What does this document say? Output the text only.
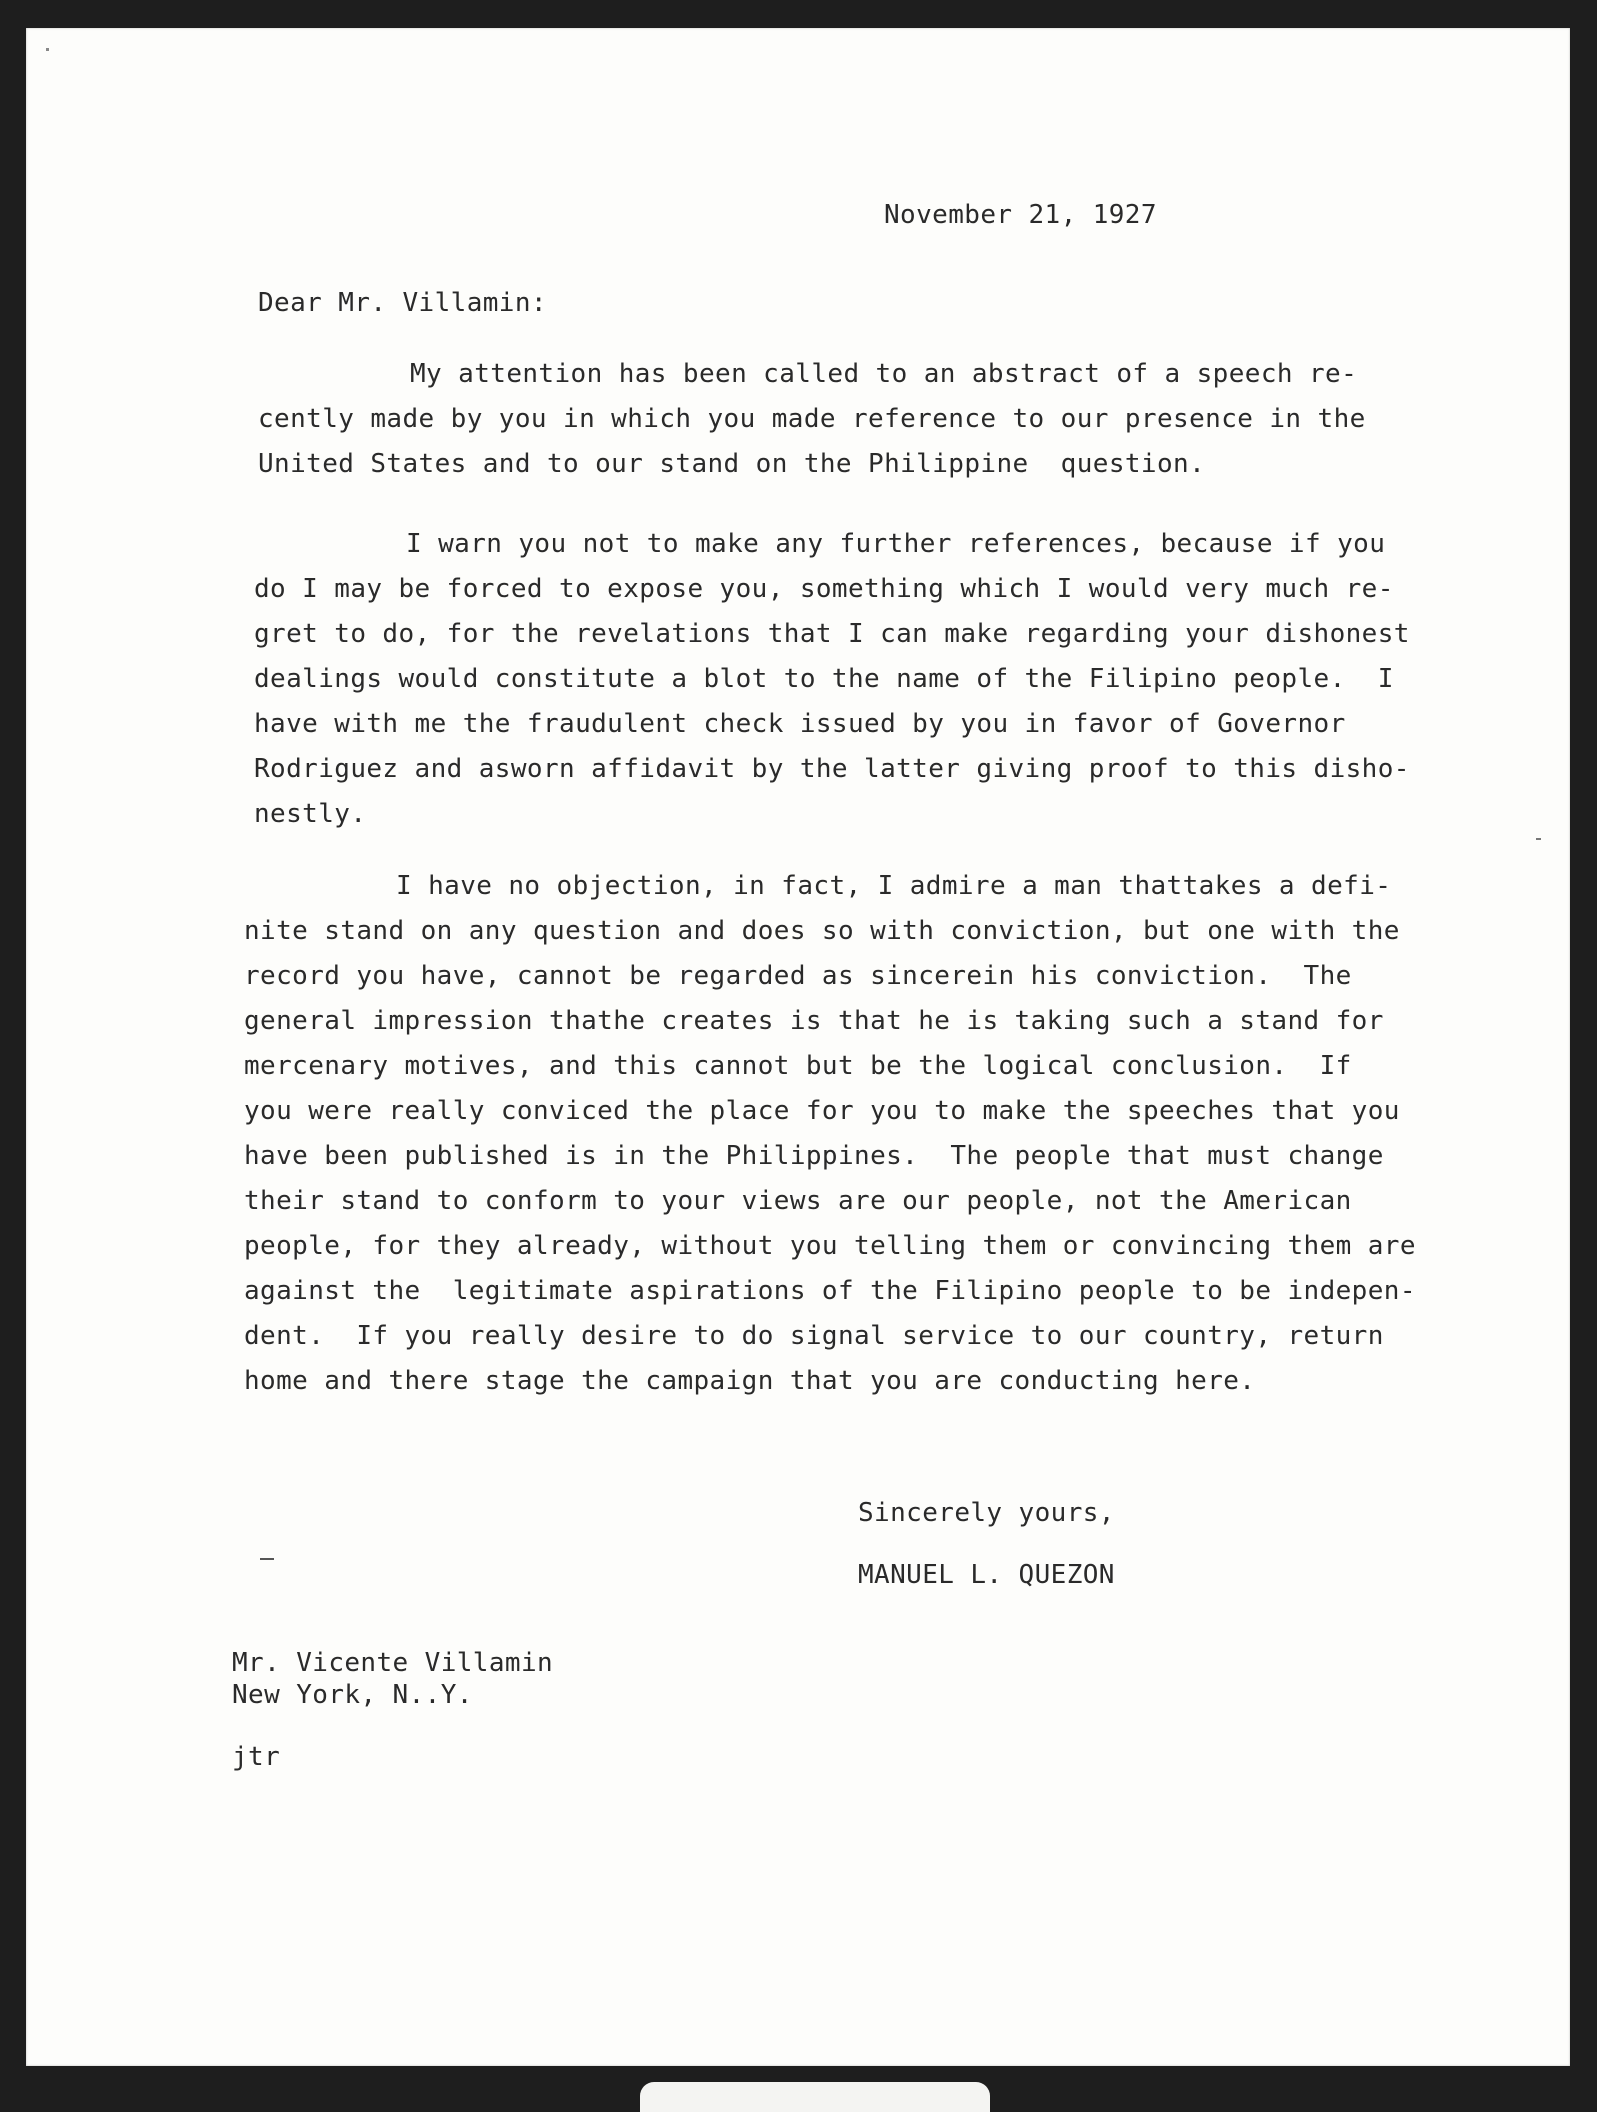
November 21, 1927
Dear Mr. Villamin:
My attention has been called to an abstract of a speech re-
cently made by you in which you made reference to our presence in the
United States and to our stand on the Philippine  question.
I warn you not to make any further references, because if you
do I may be forced to expose you, something which I would very much re-
gret to do, for the revelations that I can make regarding your dishonest
dealings would constitute a blot to the name of the Filipino people.  I
have with me the fraudulent check issued by you in favor of Governor
Rodriguez and asworn affidavit by the latter giving proof to this disho-
nestly.
I have no objection, in fact, I admire a man thattakes a defi-
nite stand on any question and does so with conviction, but one with the
record you have, cannot be regarded as sincerein his conviction.  The
general impression thathe creates is that he is taking such a stand for
mercenary motives, and this cannot but be the logical conclusion.  If
you were really conviced the place for you to make the speeches that you
have been published is in the Philippines.  The people that must change
their stand to conform to your views are our people, not the American
people, for they already, without you telling them or convincing them are
against the  legitimate aspirations of the Filipino people to be indepen-
dent.  If you really desire to do signal service to our country, return
home and there stage the campaign that you are conducting here.
Sincerely yours,
MANUEL L. QUEZON
Mr. Vicente Villamin
New York, N..Y.
jtr
